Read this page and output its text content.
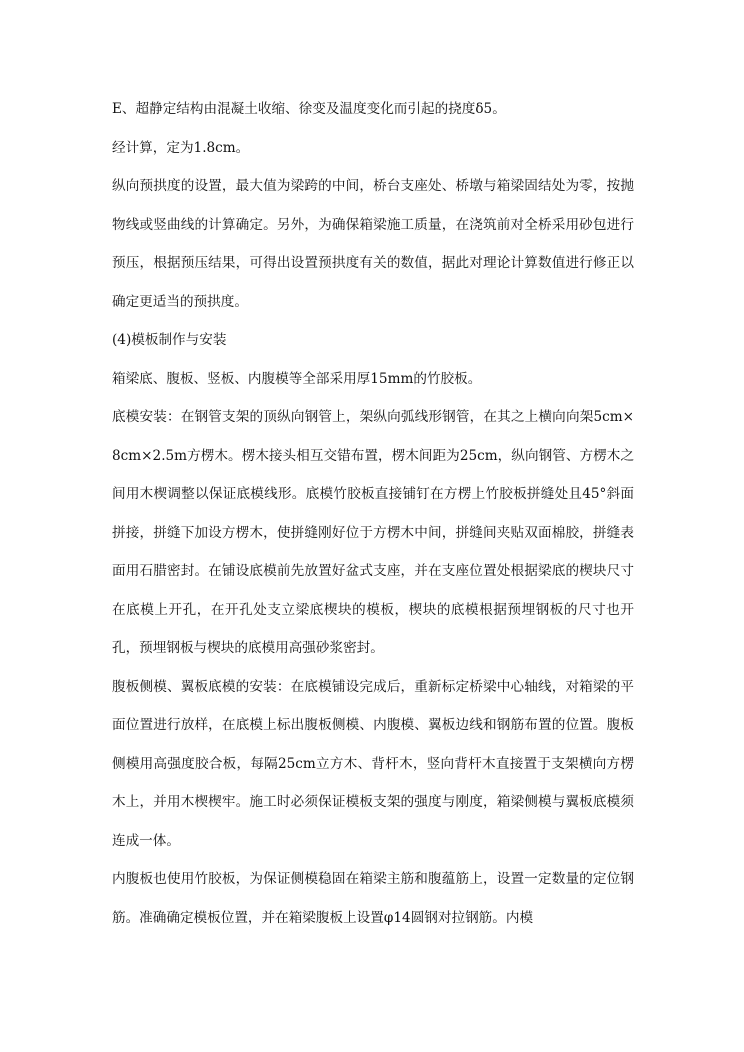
E、超静定结构由混凝土收缩、徐变及温度变化而引起的挠度δ5。

经计算，定为1.8cm。

纵向预拱度的设置，最大值为梁跨的中间，桥台支座处、桥墩与箱梁固结处为零，按抛物线或竖曲线的计算确定。另外，为确保箱梁施工质量，在浇筑前对全桥采用砂包进行预压，根据预压结果，可得出设置预拱度有关的数值，据此对理论计算数值进行修正以确定更适当的预拱度。

(4)模板制作与安装

箱梁底、腹板、竖板、内腹模等全部采用厚15mm的竹胶板。

底模安装：在钢管支架的顶纵向钢管上，架纵向弧线形钢管，在其之上横向向架5cm×8cm×2.5m方楞木。楞木接头相互交错布置，楞木间距为25cm，纵向钢管、方楞木之间用木楔调整以保证底模线形。底模竹胶板直接铺钉在方楞上竹胶板拼缝处且45°斜面拼接，拼缝下加设方楞木，使拼缝刚好位于方楞木中间，拼缝间夹贴双面棉胶，拼缝表面用石腊密封。在铺设底模前先放置好盆式支座，并在支座位置处根据梁底的楔块尺寸在底模上开孔，在开孔处支立梁底楔块的模板，楔块的底模根据预埋钢板的尺寸也开孔，预埋钢板与楔块的底模用高强砂浆密封。

腹板侧模、翼板底模的安装：在底模铺设完成后，重新标定桥梁中心轴线，对箱梁的平面位置进行放样，在底模上标出腹板侧模、内腹模、翼板边线和钢筋布置的位置。腹板侧模用高强度胶合板，每隔25cm立方木、背杆木，竖向背杆木直接置于支架横向方楞木上，并用木楔楔牢。施工时必须保证模板支架的强度与刚度，箱梁侧模与翼板底模须连成一体。

内腹板也使用竹胶板，为保证侧模稳固在箱梁主筋和腹蕴筋上，设置一定数量的定位钢筋。准确确定模板位置，并在箱梁腹板上设置φ14圆钢对拉钢筋。内模
